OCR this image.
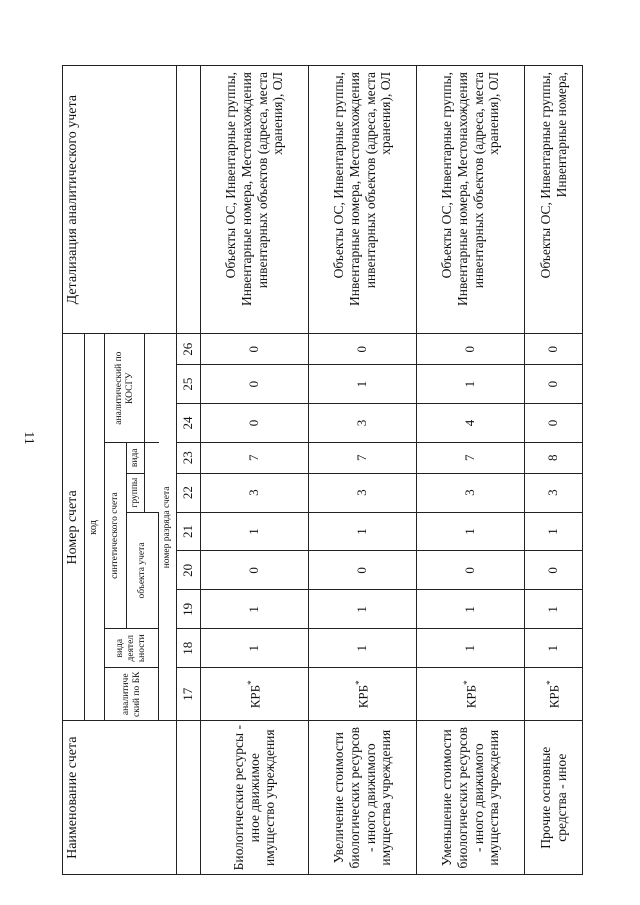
11
Наименование счета	Номер счета										Детализация аналитического учета
	код										
	аналитиче ский по БК	вида деятел ьности	синтетического счета					аналитический по КОСГУ			
			объекта учета			группы	вида				

	номер разряда счета										
	17	18	19	20	21	22	23	24	25	26	
Биологические ресурсы - иное движимое имущество учреждения	КРБ*	1	1	0	1	3	7	0	0	0	Объекты ОС, Инвентарные группы, Инвентарные номера, Местонахождения инвентарных объектов (адреса, места хранения), ОЛ
Увеличение стоимости биологических ресурсов - иного движимого имущества учреждения	КРБ*	1	1	0	1	3	7	3	1	0	Объекты ОС, Инвентарные группы, Инвентарные номера, Местонахождения инвентарных объектов (адреса, места хранения), ОЛ
Уменьшение стоимости биологических ресурсов - иного движимого имущества учреждения	КРБ*	1	1	0	1	3	7	4	1	0	Объекты ОС, Инвентарные группы, Инвентарные номера, Местонахождения инвентарных объектов (адреса, места хранения), ОЛ
Прочие основные средства - иное	КРБ*	1	1	0	1	3	8	0	0	0	Объекты ОС, Инвентарные группы, Инвентарные номера,
